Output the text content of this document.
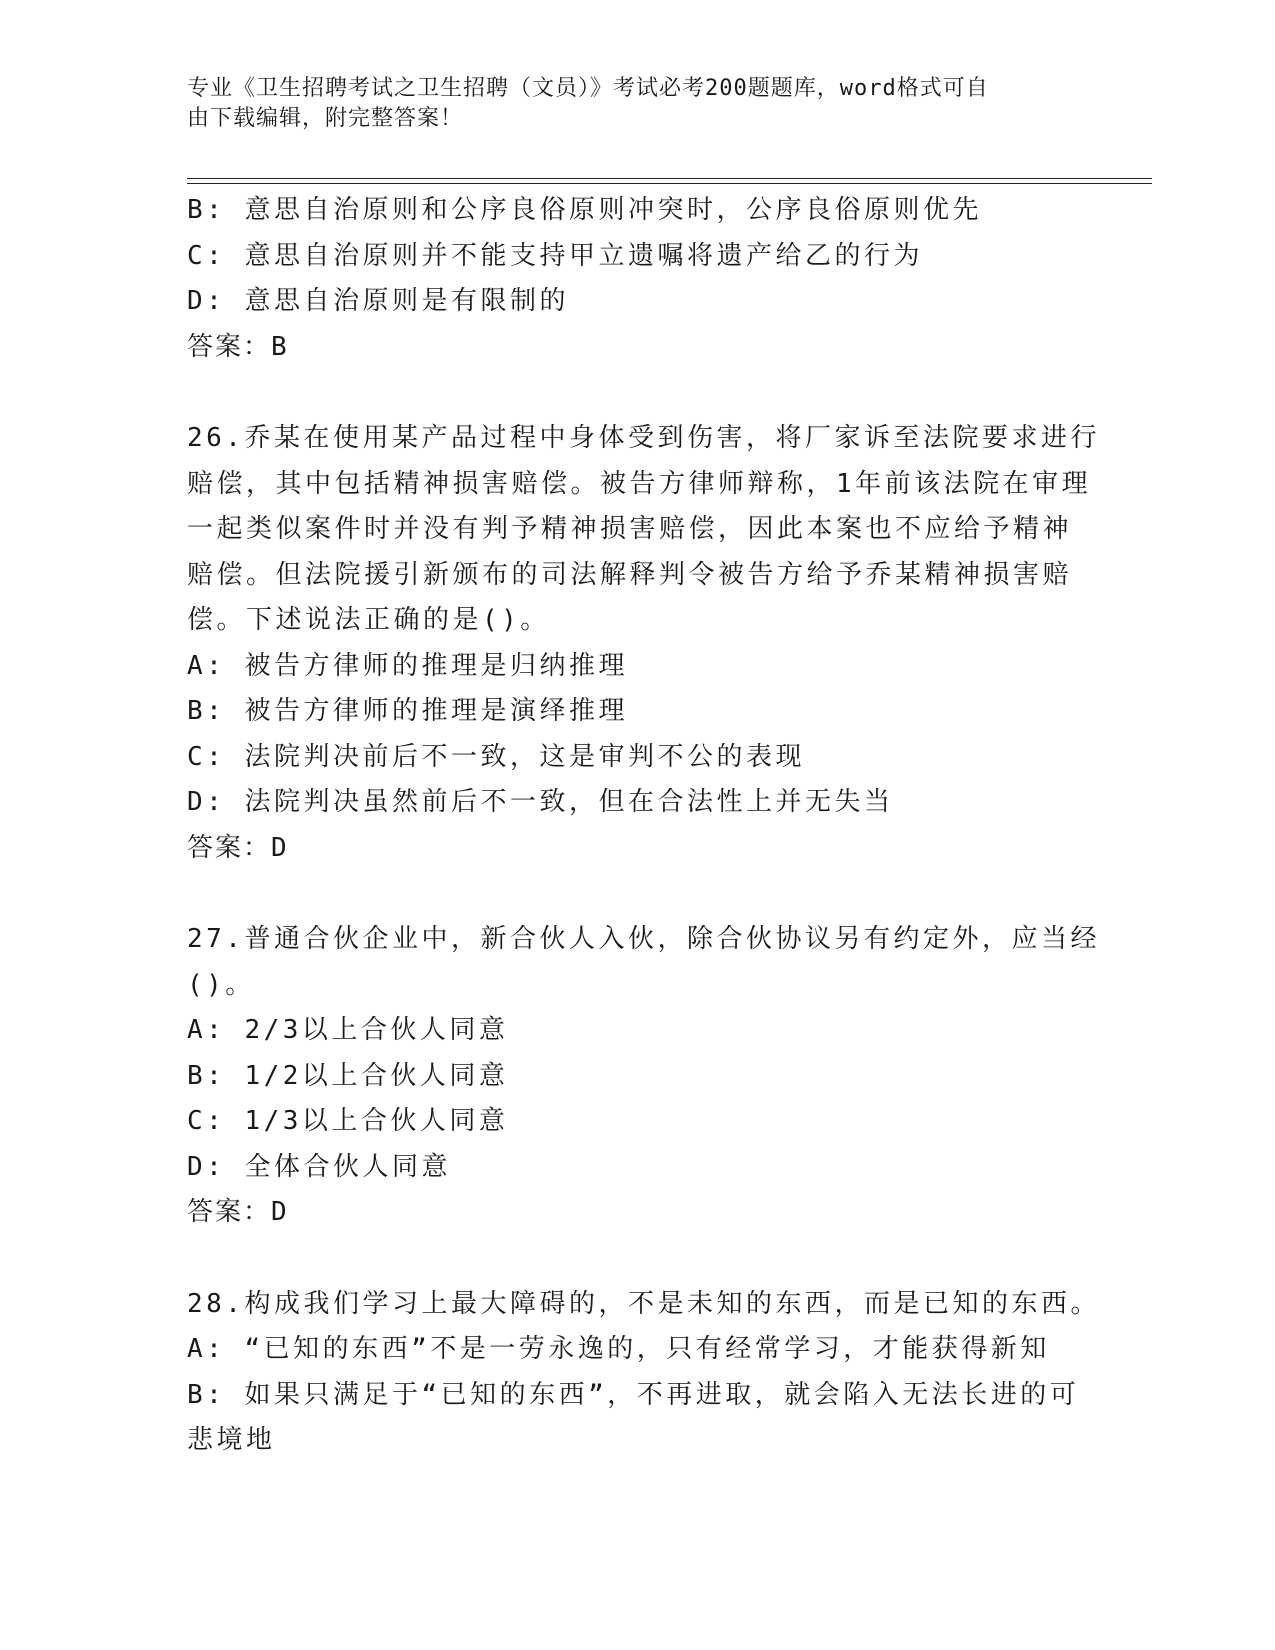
专业《卫生招聘考试之卫生招聘（文员）》考试必考200题题库，word格式可自
由下载编辑，附完整答案！
B: 意思自治原则和公序良俗原则冲突时，公序良俗原则优先
C: 意思自治原则并不能支持甲立遗嘱将遗产给乙的行为
D: 意思自治原则是有限制的
答案：B
26.乔某在使用某产品过程中身体受到伤害，将厂家诉至法院要求进行
赔偿，其中包括精神损害赔偿。被告方律师辩称，1年前该法院在审理
一起类似案件时并没有判予精神损害赔偿，因此本案也不应给予精神
赔偿。但法院援引新颁布的司法解释判令被告方给予乔某精神损害赔
偿。下述说法正确的是()。
A: 被告方律师的推理是归纳推理
B: 被告方律师的推理是演绎推理
C: 法院判决前后不一致，这是审判不公的表现
D: 法院判决虽然前后不一致，但在合法性上并无失当
答案：D
27.普通合伙企业中，新合伙人入伙，除合伙协议另有约定外，应当经
()。
A: 2/3以上合伙人同意
B: 1/2以上合伙人同意
C: 1/3以上合伙人同意
D: 全体合伙人同意
答案：D
28.构成我们学习上最大障碍的，不是未知的东西，而是已知的东西。
A: “已知的东西”不是一劳永逸的，只有经常学习，才能获得新知
B: 如果只满足于“已知的东西”，不再进取，就会陷入无法长进的可
悲境地
